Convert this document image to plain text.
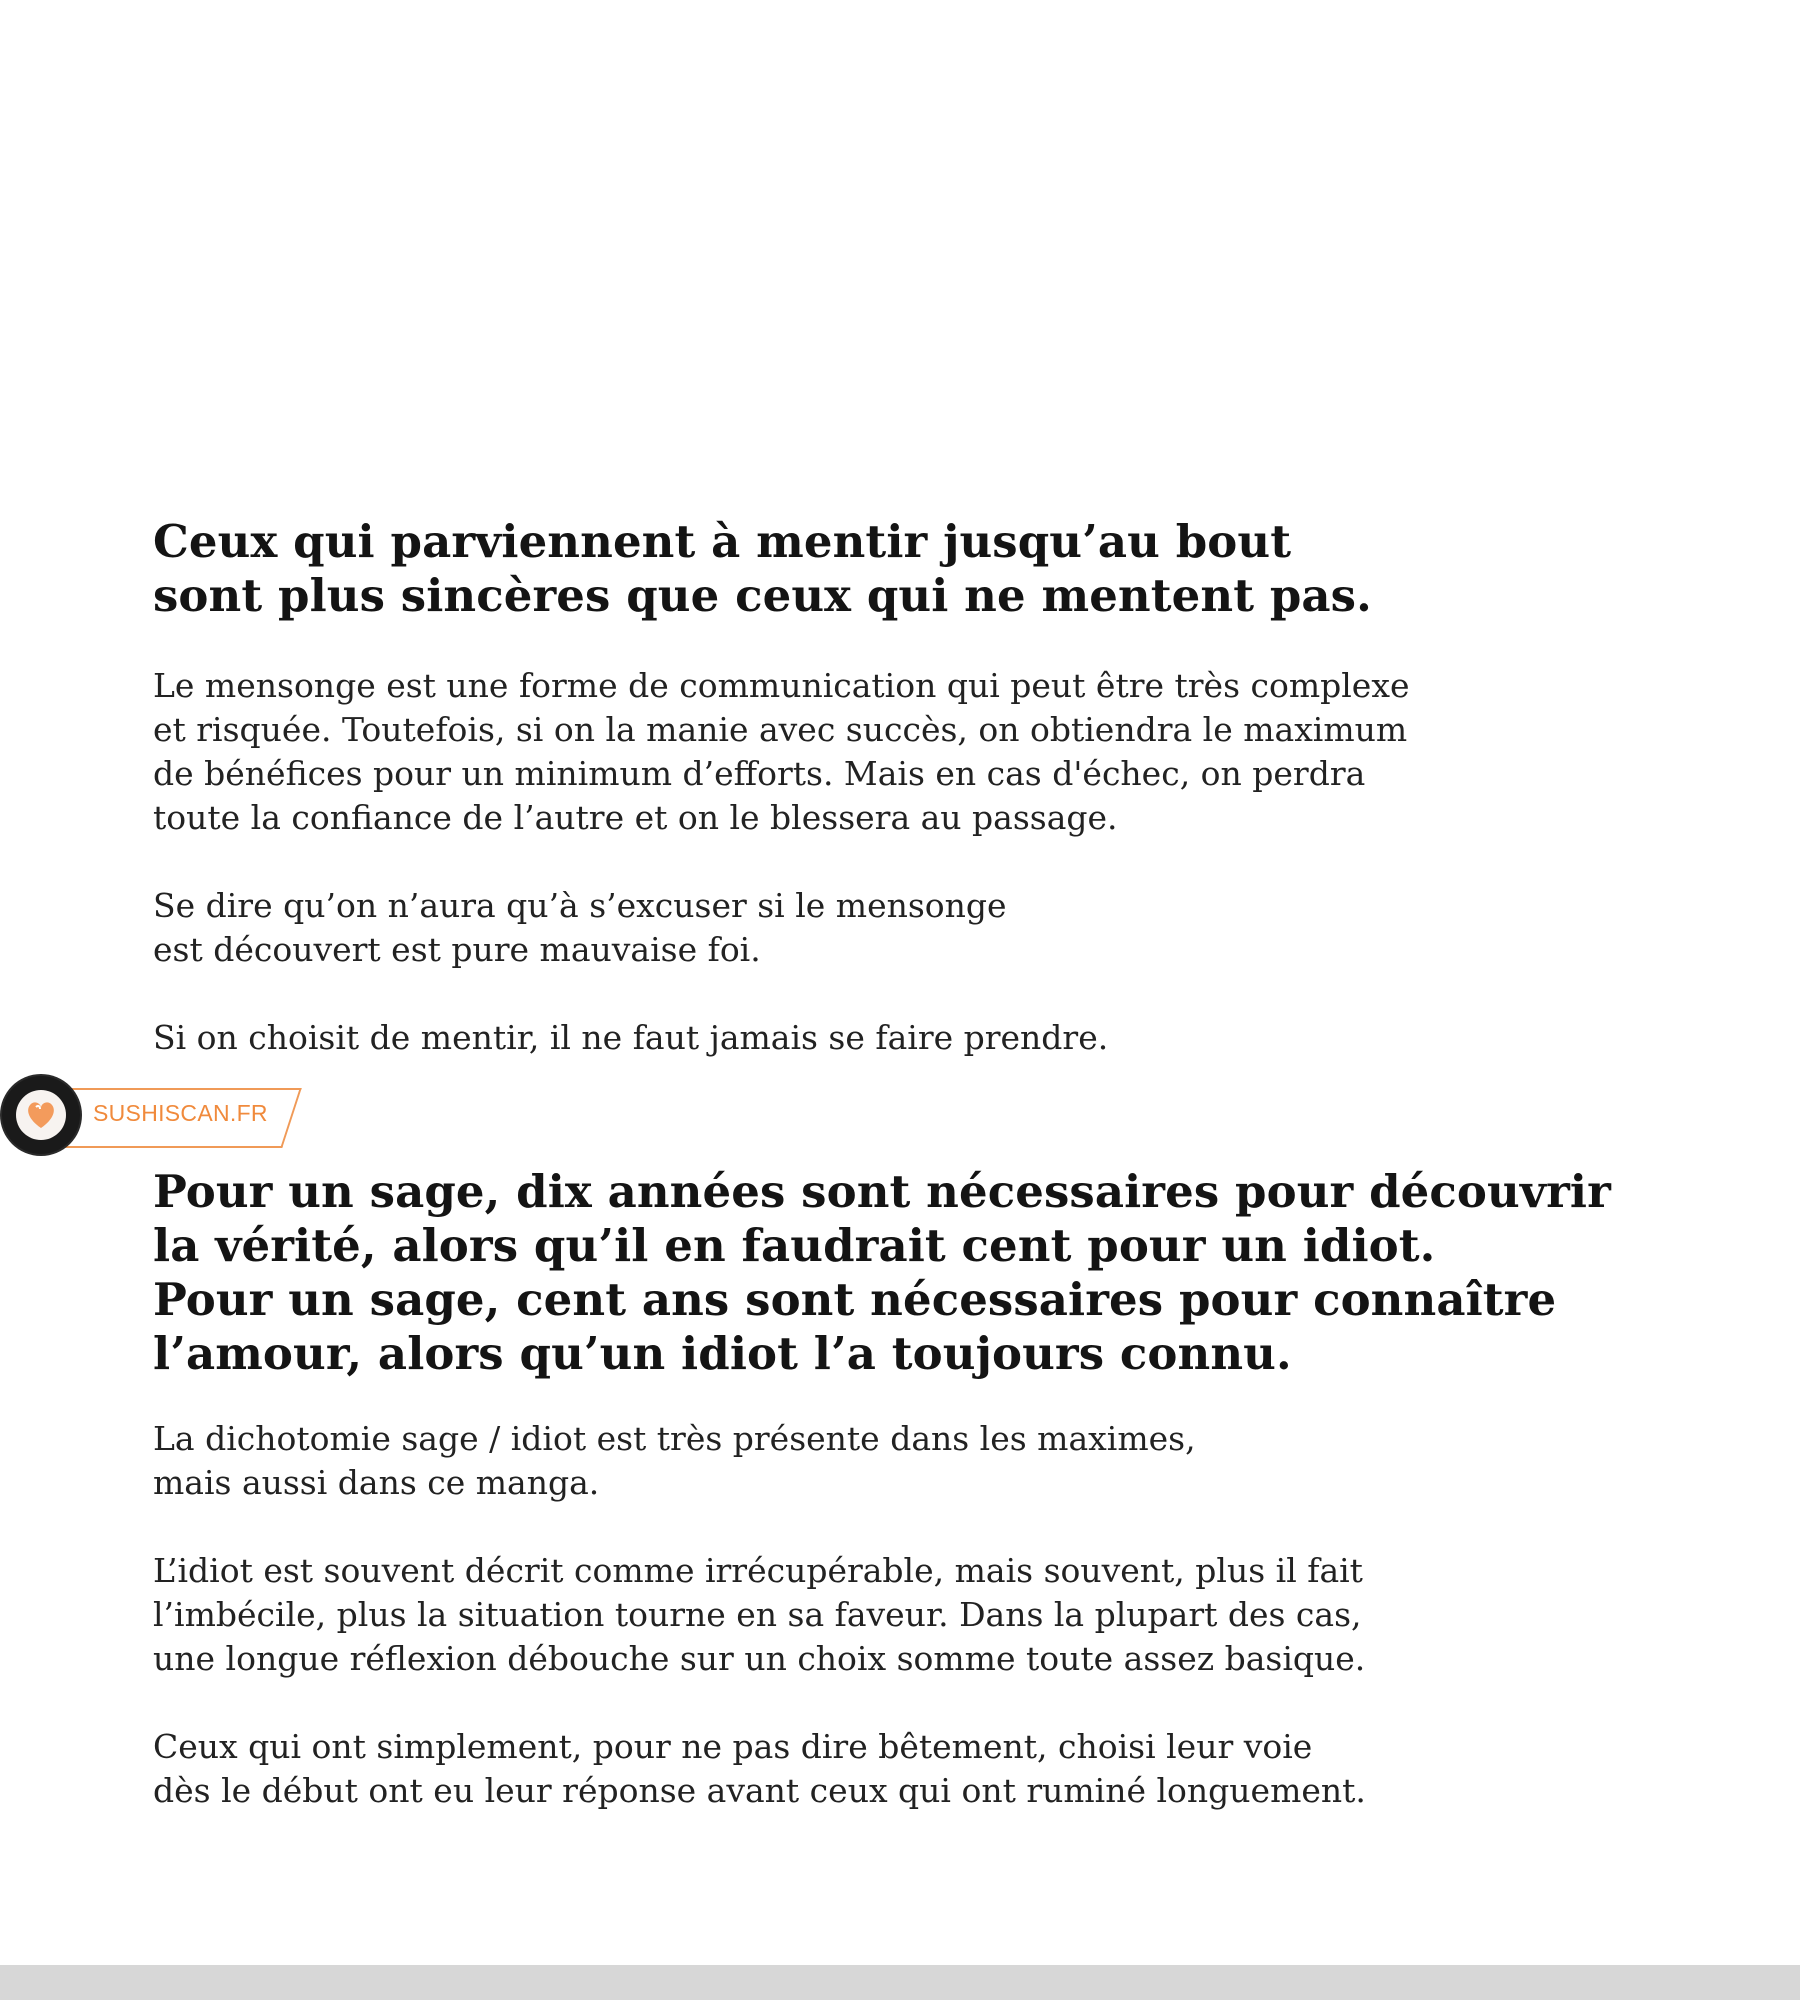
Ceux qui parviennent à mentir jusqu’au bout
sont plus sincères que ceux qui ne mentent pas.

Le mensonge est une forme de communication qui peut être très complexe
et risquée. Toutefois, si on la manie avec succès, on obtiendra le maximum
de bénéfices pour un minimum d’efforts. Mais en cas d'échec, on perdra
toute la confiance de l’autre et on le blessera au passage.

Se dire qu’on n’aura qu’à s’excuser si le mensonge
est découvert est pure mauvaise foi.

Si on choisit de mentir, il ne faut jamais se faire prendre.

SUSHISCAN.FR
Pour un sage, dix années sont nécessaires pour découvrir
la vérité, alors qu’il en faudrait cent pour un idiot.
Pour un sage, cent ans sont nécessaires pour connaître
l’amour, alors qu’un idiot l’a toujours connu.

La dichotomie sage / idiot est très présente dans les maximes,
mais aussi dans ce manga.

L’idiot est souvent décrit comme irrécupérable, mais souvent, plus il fait
l’imbécile, plus la situation tourne en sa faveur. Dans la plupart des cas,
une longue réflexion débouche sur un choix somme toute assez basique.

Ceux qui ont simplement, pour ne pas dire bêtement, choisi leur voie
dès le début ont eu leur réponse avant ceux qui ont ruminé longuement.
